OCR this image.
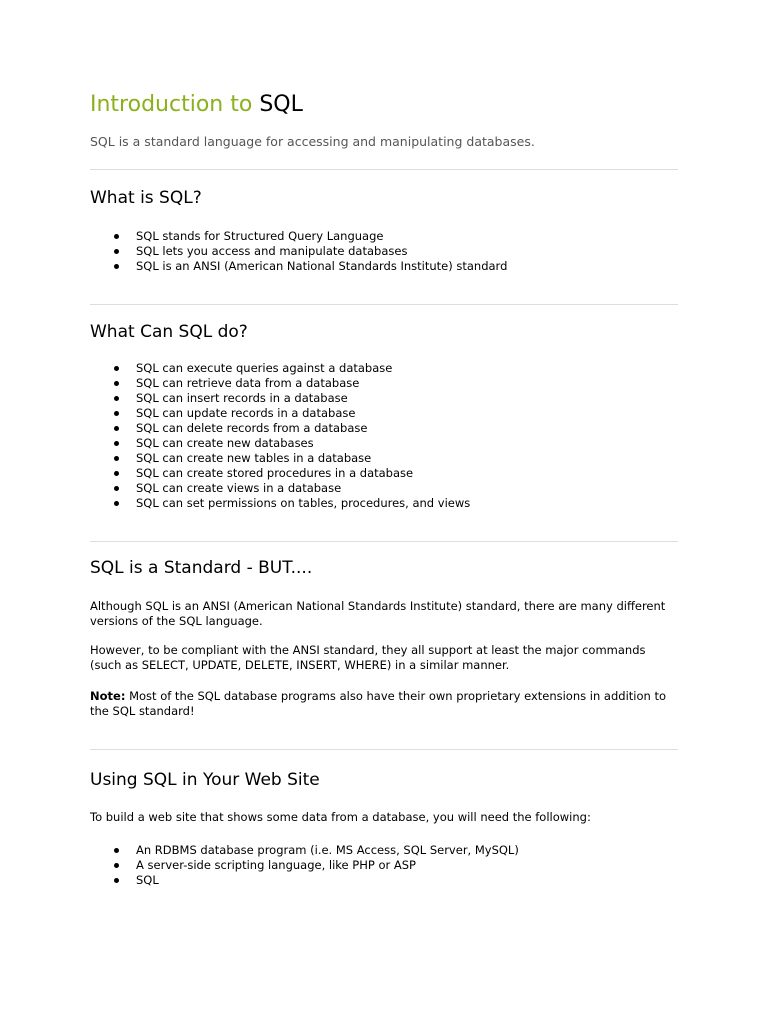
Introduction to SQL

SQL is a standard language for accessing and manipulating databases.

What is SQL?
SQL stands for Structured Query Language
SQL lets you access and manipulate databases
SQL is an ANSI (American National Standards Institute) standard
What Can SQL do?
SQL can execute queries against a database
SQL can retrieve data from a database
SQL can insert records in a database
SQL can update records in a database
SQL can delete records from a database
SQL can create new databases
SQL can create new tables in a database
SQL can create stored procedures in a database
SQL can create views in a database
SQL can set permissions on tables, procedures, and views
SQL is a Standard - BUT....

Although SQL is an ANSI (American National Standards Institute) standard, there are many different versions of the SQL language.

However, to be compliant with the ANSI standard, they all support at least the major commands (such as SELECT, UPDATE, DELETE, INSERT, WHERE) in a similar manner.

Note: Most of the SQL database programs also have their own proprietary extensions in addition to the SQL standard!

Using SQL in Your Web Site

To build a web site that shows some data from a database, you will need the following:

An RDBMS database program (i.e. MS Access, SQL Server, MySQL)
A server-side scripting language, like PHP or ASP
SQL
